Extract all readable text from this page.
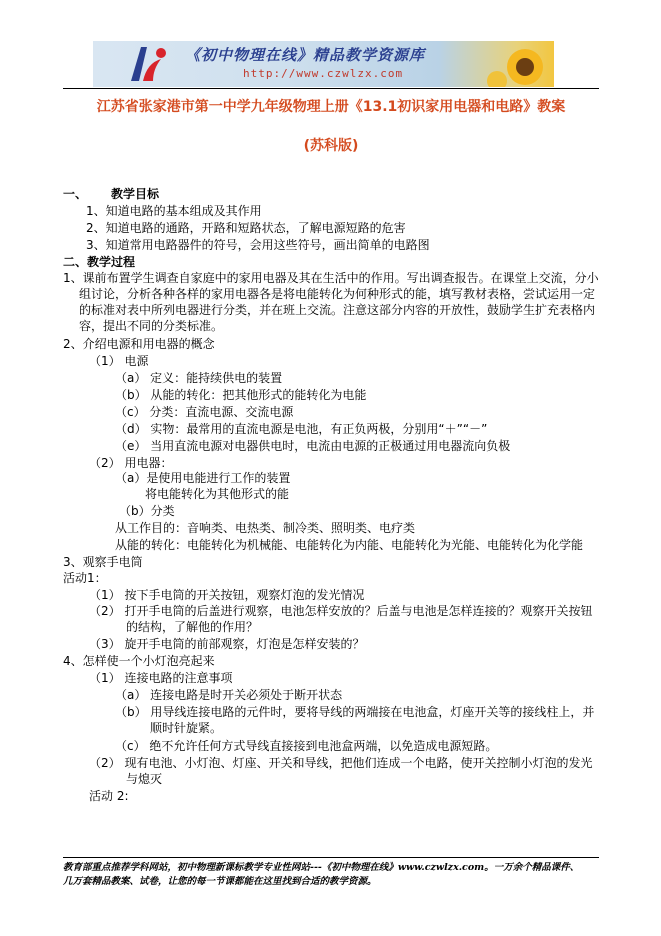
《初中物理在线》精品教学资源库
http://www.czwlzx.com
江苏省张家港市第一中学九年级物理上册《13.1初识家用电器和电路》教案
(苏科版)
一、 教学目标
1、知道电路的基本组成及其作用
2、知道电路的通路，开路和短路状态，了解电源短路的危害
3、知道常用电路器件的符号，会用这些符号，画出简单的电路图
二、教学过程
1、课前布置学生调查自家庭中的家用电器及其在生活中的作用。写出调查报告。在课堂上交流，分小
组讨论，分析各种各样的家用电器各是将电能转化为何种形式的能，填写教材表格，尝试运用一定
的标准对表中所列电器进行分类，并在班上交流。注意这部分内容的开放性，鼓励学生扩充表格内
容，提出不同的分类标准。
2、介绍电源和用电器的概念
（1） 电源
（a） 定义：能持续供电的装置
（b） 从能的转化：把其他形式的能转化为电能
（c） 分类：直流电源、交流电源
（d） 实物：最常用的直流电源是电池，有正负两极，分别用“＋”“－”
（e） 当用直流电源对电器供电时，电流由电源的正极通过用电器流向负极
（2） 用电器：
（a）是使用电能进行工作的装置
将电能转化为其他形式的能
（b）分类
从工作目的：音响类、电热类、制冷类、照明类、电疗类
从能的转化：电能转化为机械能、电能转化为内能、电能转化为光能、电能转化为化学能
3、观察手电筒
活动1：
（1） 按下手电筒的开关按钮，观察灯泡的发光情况
（2） 打开手电筒的后盖进行观察，电池怎样安放的？后盖与电池是怎样连接的？观察开关按钮
的结构，了解他的作用？
（3） 旋开手电筒的前部观察，灯泡是怎样安装的？
4、怎样使一个小灯泡亮起来
（1） 连接电路的注意事项
（a） 连接电路是时开关必须处于断开状态
（b） 用导线连接电路的元件时，要将导线的两端接在电池盒，灯座开关等的接线柱上，并
顺时针旋紧。
（c） 绝不允许任何方式导线直接接到电池盒两端，以免造成电源短路。
（2） 现有电池、小灯泡、灯座、开关和导线，把他们连成一个电路，使开关控制小灯泡的发光
与熄灭
活动 2:
教育部重点推荐学科网站，初中物理新课标教学专业性网站---《初中物理在线》www.czwlzx.com。一万余个精品课件、
几万套精品教案、试卷，让您的每一节课都能在这里找到合适的教学资源。
